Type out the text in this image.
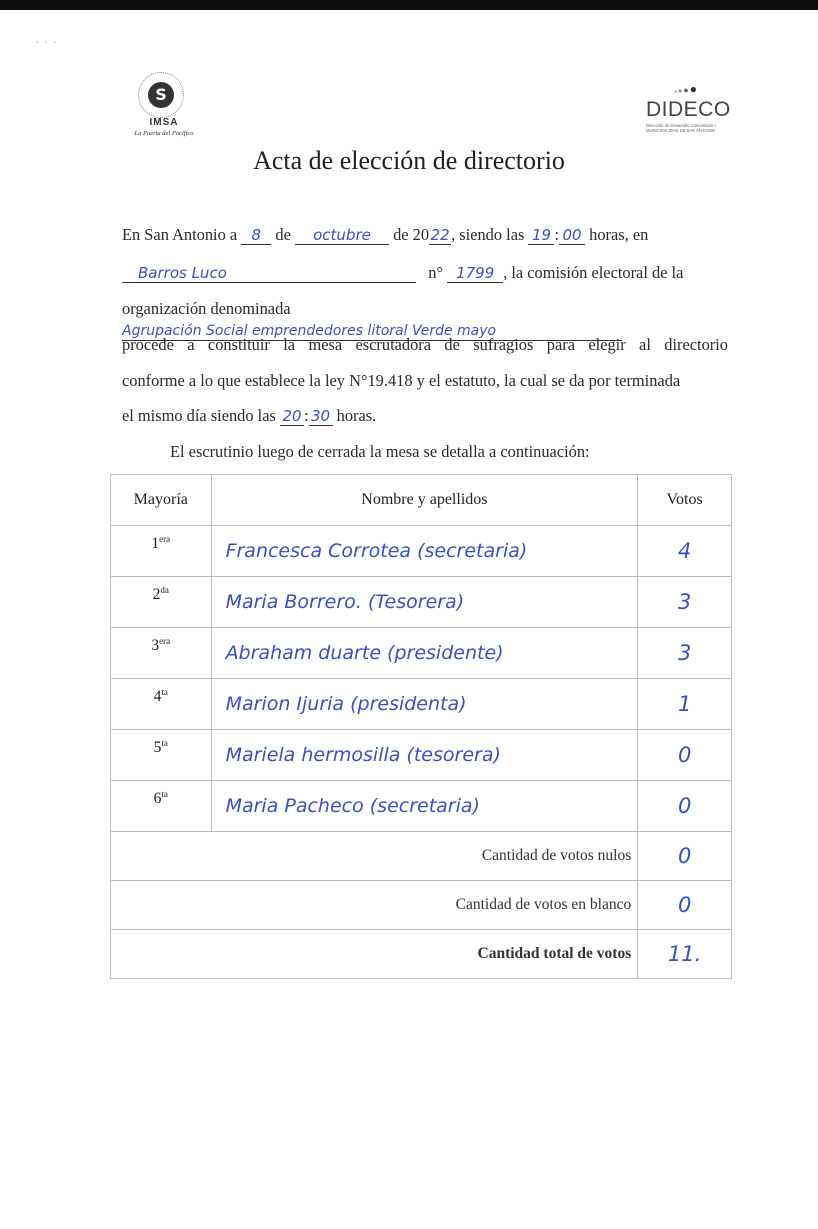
· · ·
S
IMSA
La Puerta del Pacífico
●●●●
DIDECO
Dirección de Desarrollo Comunitario I. MUNICIPALIDAD DE SAN ANTONIO
Acta de elección de directorio
En San Antonio a 8 de octubre de 2022, siendo las 19 : 00 horas, en
Barros Luco	n° 1799 , la comisión electoral de la
organización denominada Agrupación Social emprendedores litoral Verde mayo
procede a constituir la mesa escrutadora de sufragios para elegir al directorio
conforme a lo que establece la ley N°19.418 y el estatuto, la cual se da por terminada
el mismo día siendo las 20 : 30 horas.
El escrutinio luego de cerrada la mesa se detalla a continuación:
Mayoría	Nombre y apellidos	Votos
$1^{era}$	Francesca Corrotea (secretaria)	4
$2^{da}$	Maria Borrero. (Tesorera)	3
$3^{era}$	Abraham duarte (presidente)	3
$4^{ta}$	Marion Ijuria (presidenta)	1
$5^{ta}$	Mariela hermosilla (tesorera)	0
$6^{ta}$	Maria Pacheco (secretaria)	0
Cantidad de votos nulos		0
Cantidad de votos en blanco		0
Cantidad total de votos		11.
